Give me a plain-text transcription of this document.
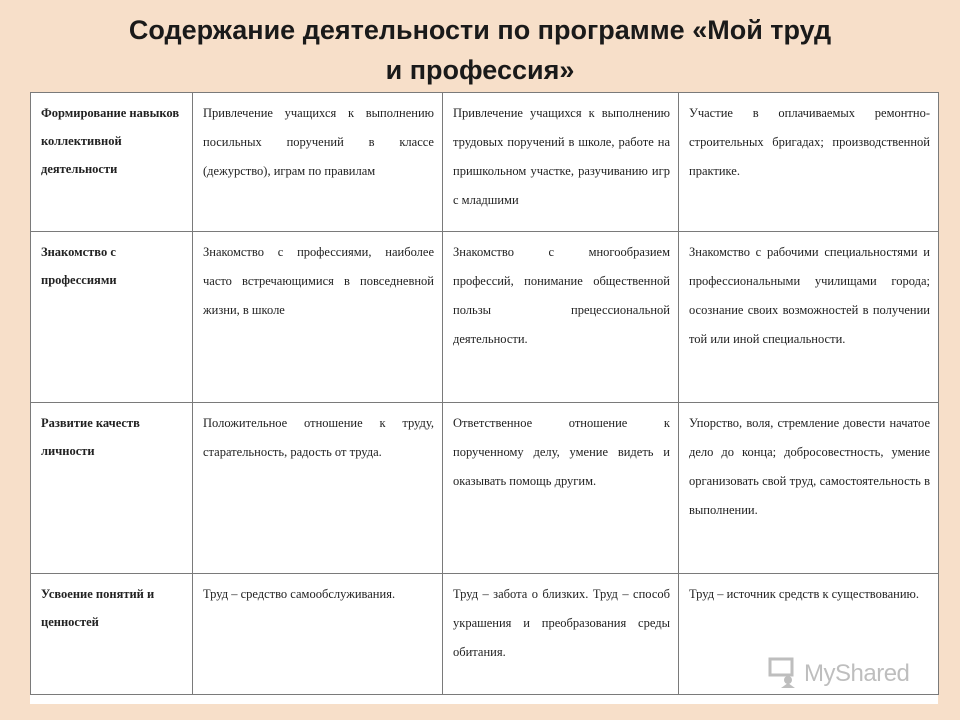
Содержание деятельности по программе «Мой труд
и профессия»
Формирование навыков коллективной деятельности	Привлечение учащихся к выполнению посильных поручений в классе (дежурство), играм по правилам	Привлечение учащихся к выполнению трудовых поручений в школе, работе на пришкольном участке, разучиванию игр с младшими	Участие в оплачиваемых ремонтно-строительных бригадах; производственной практике.
Знакомство с профессиями	Знакомство с профессиями, наиболее часто встречающимися в повседневной жизни, в школе	Знакомство с многообразием профессий, понимание общественной пользы прецессиональной деятельности.	Знакомство с рабочими специальностями и профессиональными училищами города; осознание своих возможностей в получении той или иной специальности.
Развитие качеств личности	Положительное отношение к труду, старательность, радость от труда.	Ответственное отношение к порученному делу, умение видеть и оказывать помощь другим.	Упорство, воля, стремление довести начатое дело до конца; добросовестность, умение организовать свой труд, самостоятельность в выполнении.
Усвоение понятий и ценностей	Труд – средство самообслуживания.	Труд – забота о близких. Труд – способ украшения и преобразования среды обитания.	Труд – источник средств к существованию.
MyShared
